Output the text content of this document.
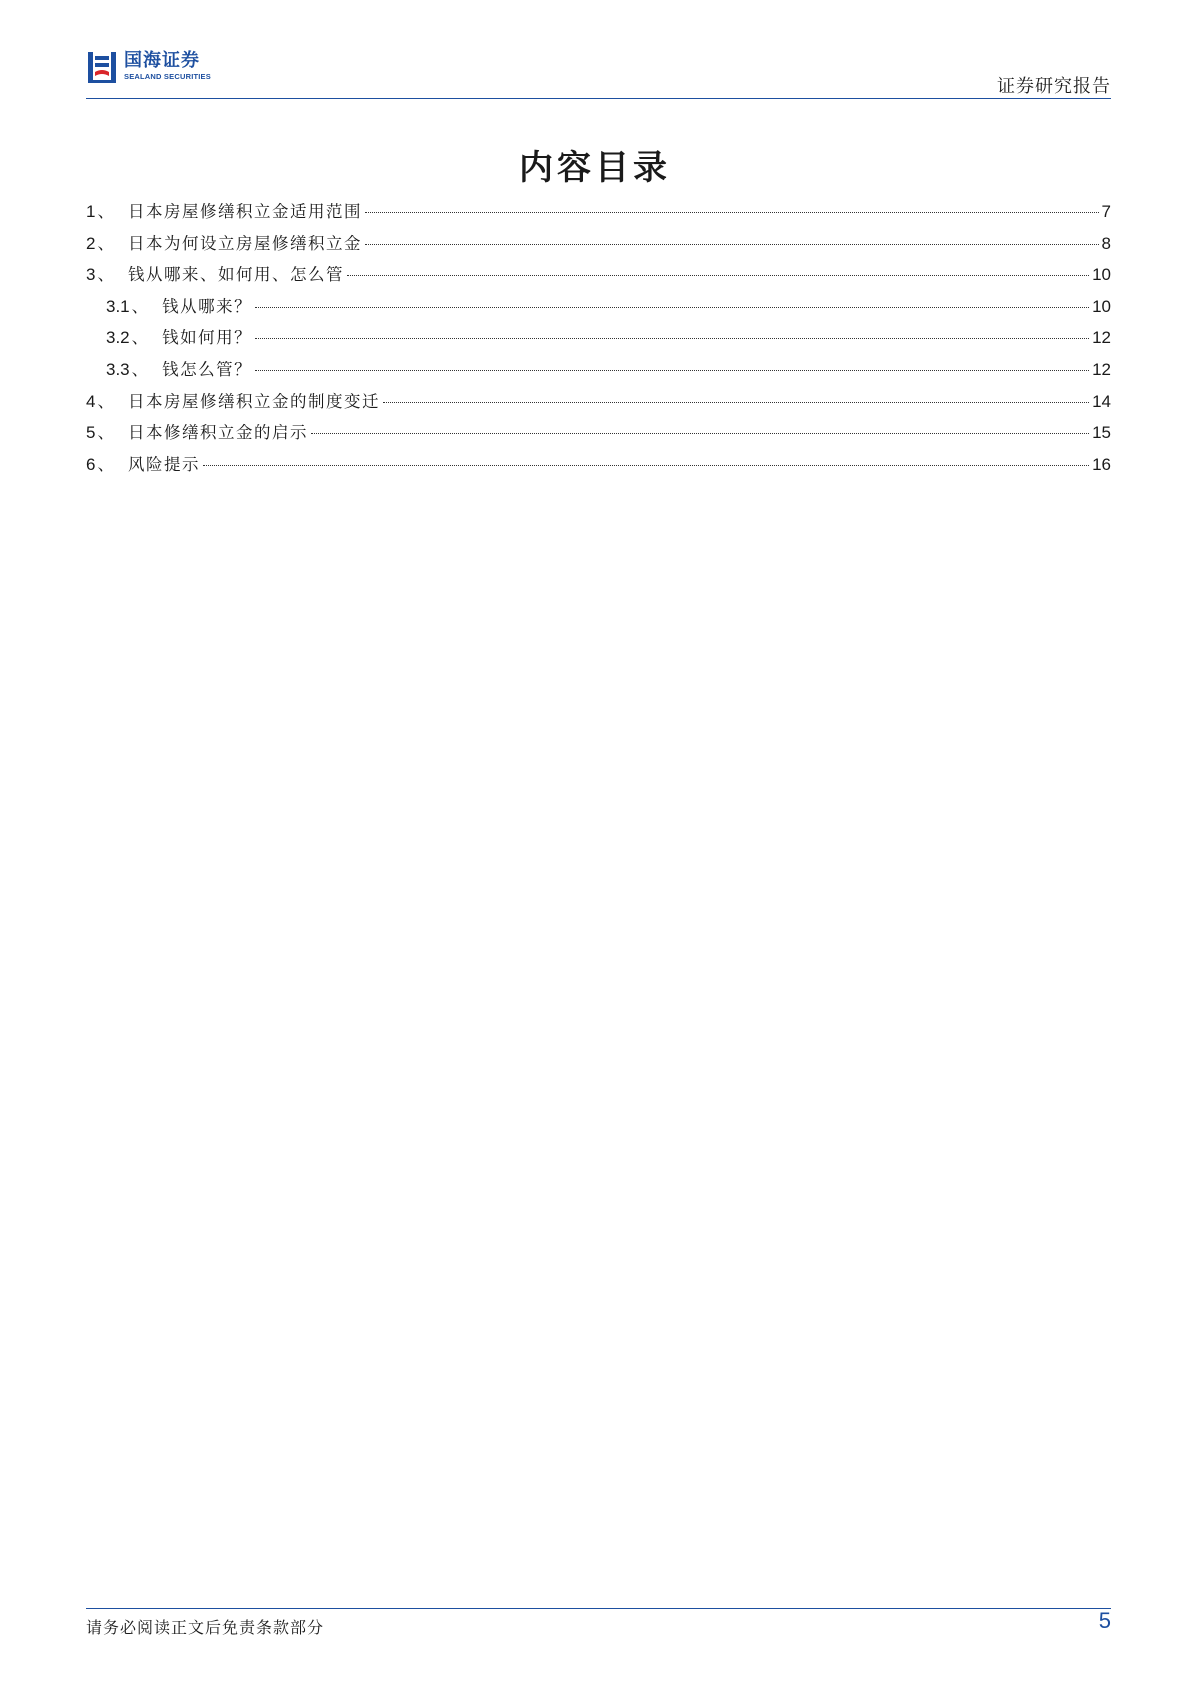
国海证券
SEALAND SECURITIES	证券研究报告
内容目录
1 、 日本房屋修缮积立金适用范围	7
2 、 日本为何设立房屋修缮积立金	8
3 、 钱从哪来、如何用、怎么管	10
3.1 、 钱从哪来？	10
3.2 、 钱如何用？	12
3.3 、 钱怎么管？	12
4 、 日本房屋修缮积立金的制度变迁	14
5 、 日本修缮积立金的启示	15
6 、 风险提示	16
请务必阅读正文后免责条款部分	5
